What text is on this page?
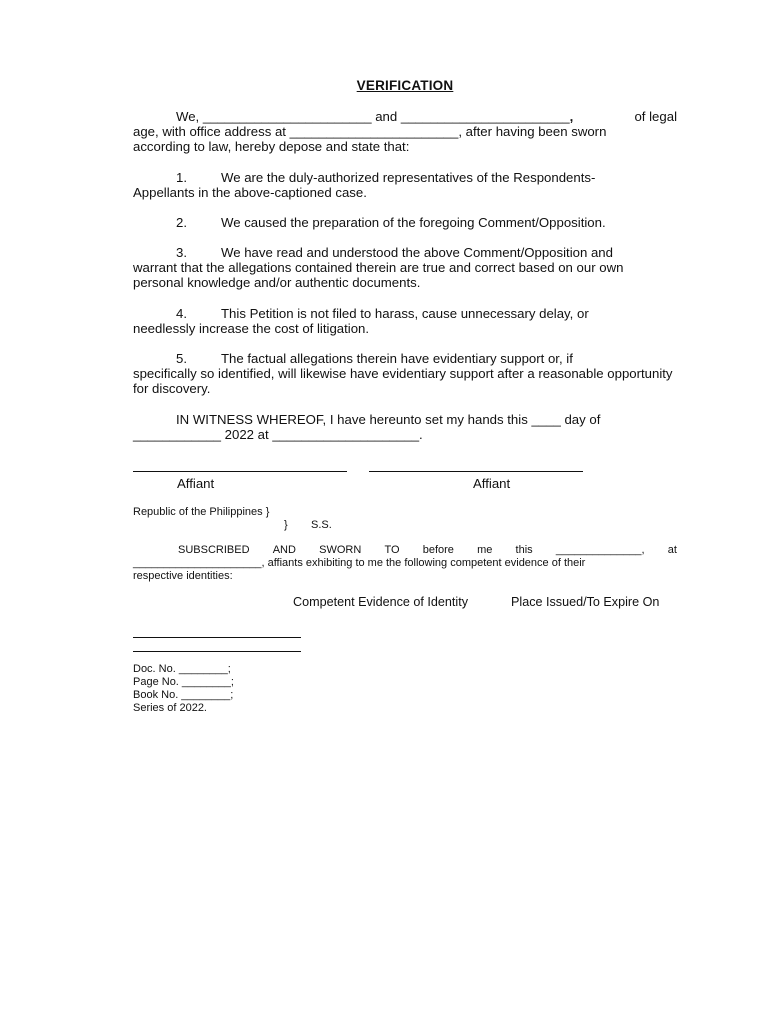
VERIFICATION
We, _______________________ and _______________________,	of legal
age, with office address at _______________________, after having been sworn
according to law, hereby depose and state that:
1.	We are the duly-authorized representatives of the Respondents-
Appellants in the above-captioned case.
2.	We caused the preparation of the foregoing Comment/Opposition.
3.	We have read and understood the above Comment/Opposition and
warrant that the allegations contained therein are true and correct based on our own personal knowledge and/or authentic documents.
4.	This Petition is not filed to harass, cause unnecessary delay, or
needlessly increase the cost of litigation.
5.	The factual allegations therein have evidentiary support or, if
specifically so identified, will likewise have evidentiary support after a reasonable opportunity for discovery.
IN WITNESS WHEREOF, I have hereunto set my hands this ____ day of
____________ 2022 at ____________________.
Affiant	Affiant
Republic of the Philippines }
} S.S.
SUBSCRIBED AND SWORN TO before me this ______________, at
_____________________, affiants exhibiting to me the following competent evidence of their
respective identities:
Competent Evidence of Identity	Place Issued/To Expire On
Doc. No. ________;
Page No. ________;
Book No. ________;
Series of 2022.
